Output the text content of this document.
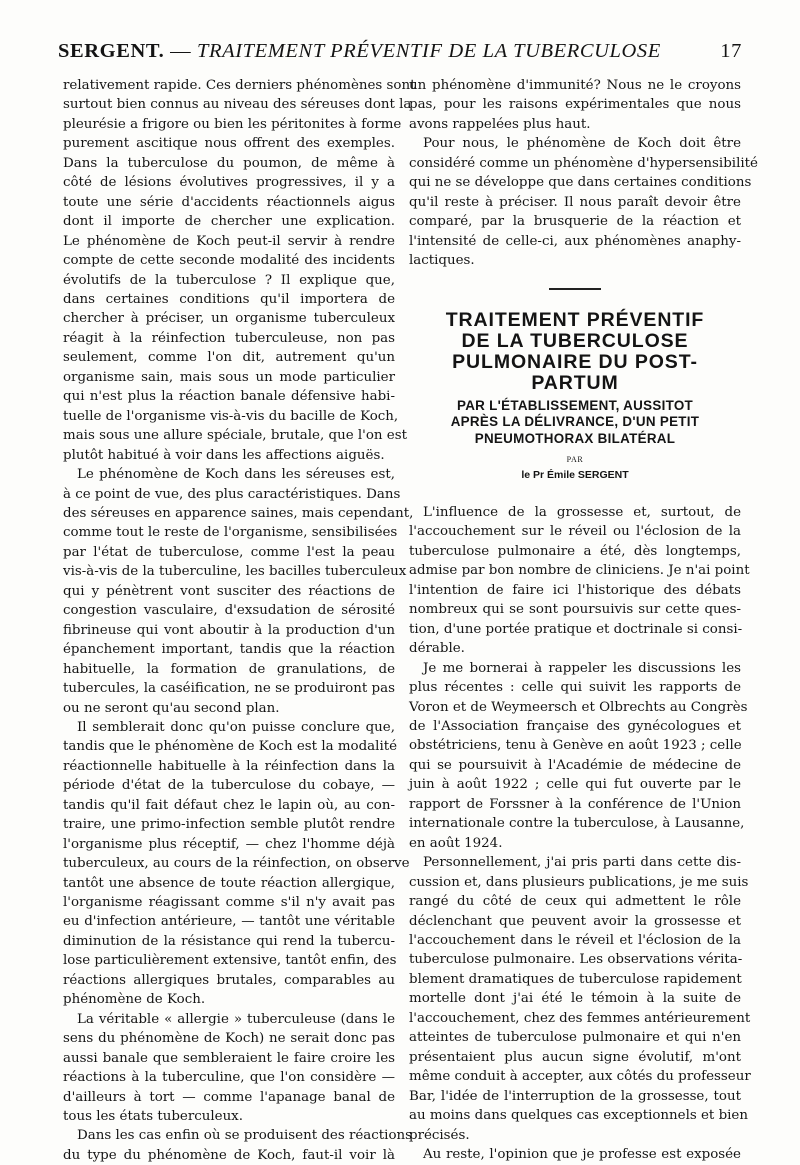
SERGENT. — TRAITEMENT PRÉVENTIF DE LA TUBERCULOSE	17
relativement rapide. Ces derniers phénomènes sont
surtout bien connus au niveau des séreuses dont la
pleurésie a frigore ou bien les péritonites à forme
purement ascitique nous offrent des exemples.
Dans la tuberculose du poumon, de même à
côté de lésions évolutives progressives, il y a
toute une série d'accidents réactionnels aigus
dont il importe de chercher une explication.
Le phénomène de Koch peut-il servir à rendre
compte de cette seconde modalité des incidents
évolutifs de la tuberculose ? Il explique que,
dans certaines conditions qu'il importera de
chercher à préciser, un organisme tuberculeux
réagit à la réinfection tuberculeuse, non pas
seulement, comme l'on dit, autrement qu'un
organisme sain, mais sous un mode particulier
qui n'est plus la réaction banale défensive habi-
tuelle de l'organisme vis-à-vis du bacille de Koch,
mais sous une allure spéciale, brutale, que l'on est
plutôt habitué à voir dans les affections aiguës.
Le phénomène de Koch dans les séreuses est,
à ce point de vue, des plus caractéristiques. Dans
des séreuses en apparence saines, mais cependant,
comme tout le reste de l'organisme, sensibilisées
par l'état de tuberculose, comme l'est la peau
vis-à-vis de la tuberculine, les bacilles tuberculeux
qui y pénètrent vont susciter des réactions de
congestion vasculaire, d'exsudation de sérosité
fibrineuse qui vont aboutir à la production d'un
épanchement important, tandis que la réaction
habituelle, la formation de granulations, de
tubercules, la caséification, ne se produiront pas
ou ne seront qu'au second plan.
Il semblerait donc qu'on puisse conclure que,
tandis que le phénomène de Koch est la modalité
réactionnelle habituelle à la réinfection dans la
période d'état de la tuberculose du cobaye, —
tandis qu'il fait défaut chez le lapin où, au con-
traire, une primo-infection semble plutôt rendre
l'organisme plus réceptif, — chez l'homme déjà
tuberculeux, au cours de la réinfection, on observe
tantôt une absence de toute réaction allergique,
l'organisme réagissant comme s'il n'y avait pas
eu d'infection antérieure, — tantôt une véritable
diminution de la résistance qui rend la tubercu-
lose particulièrement extensive, tantôt enfin, des
réactions allergiques brutales, comparables au
phénomène de Koch.
La véritable « allergie » tuberculeuse (dans le
sens du phénomène de Koch) ne serait donc pas
aussi banale que sembleraient le faire croire les
réactions à la tuberculine, que l'on considère —
d'ailleurs à tort — comme l'apanage banal de
tous les états tuberculeux.
Dans les cas enfin où se produisent des réactions
du type du phénomène de Koch, faut-il voir là
un phénomène d'immunité? Nous ne le croyons
pas, pour les raisons expérimentales que nous
avons rappelées plus haut.
Pour nous, le phénomène de Koch doit être
considéré comme un phénomène d'hypersensibilité
qui ne se développe que dans certaines conditions
qu'il reste à préciser. Il nous paraît devoir être
comparé, par la brusquerie de la réaction et
l'intensité de celle-ci, aux phénomènes anaphy-
lactiques.
TRAITEMENT PRÉVENTIF
DE LA TUBERCULOSE
PULMONAIRE DU POST-
PARTUM
PAR L'ÉTABLISSEMENT, AUSSITOT
APRÈS LA DÉLIVRANCE, D'UN PETIT
PNEUMOTHORAX BILATÉRAL
PAR
le Pr Émile SERGENT
L'influence de la grossesse et, surtout, de
l'accouchement sur le réveil ou l'éclosion de la
tuberculose pulmonaire a été, dès longtemps,
admise par bon nombre de cliniciens. Je n'ai point
l'intention de faire ici l'historique des débats
nombreux qui se sont poursuivis sur cette ques-
tion, d'une portée pratique et doctrinale si consi-
dérable.
Je me bornerai à rappeler les discussions les
plus récentes : celle qui suivit les rapports de
Voron et de Weymeersch et Olbrechts au Congrès
de l'Association française des gynécologues et
obstétriciens, tenu à Genève en août 1923 ; celle
qui se poursuivit à l'Académie de médecine de
juin à août 1922 ; celle qui fut ouverte par le
rapport de Forssner à la conférence de l'Union
internationale contre la tuberculose, à Lausanne,
en août 1924.
Personnellement, j'ai pris parti dans cette dis-
cussion et, dans plusieurs publications, je me suis
rangé du côté de ceux qui admettent le rôle
déclenchant que peuvent avoir la grossesse et
l'accouchement dans le réveil et l'éclosion de la
tuberculose pulmonaire. Les observations vérita-
blement dramatiques de tuberculose rapidement
mortelle dont j'ai été le témoin à la suite de
l'accouchement, chez des femmes antérieurement
atteintes de tuberculose pulmonaire et qui n'en
présentaient plus aucun signe évolutif, m'ont
même conduit à accepter, aux côtés du professeur
Bar, l'idée de l'interruption de la grossesse, tout
au moins dans quelques cas exceptionnels et bien
précisés.
Au reste, l'opinion que je professe est exposée
